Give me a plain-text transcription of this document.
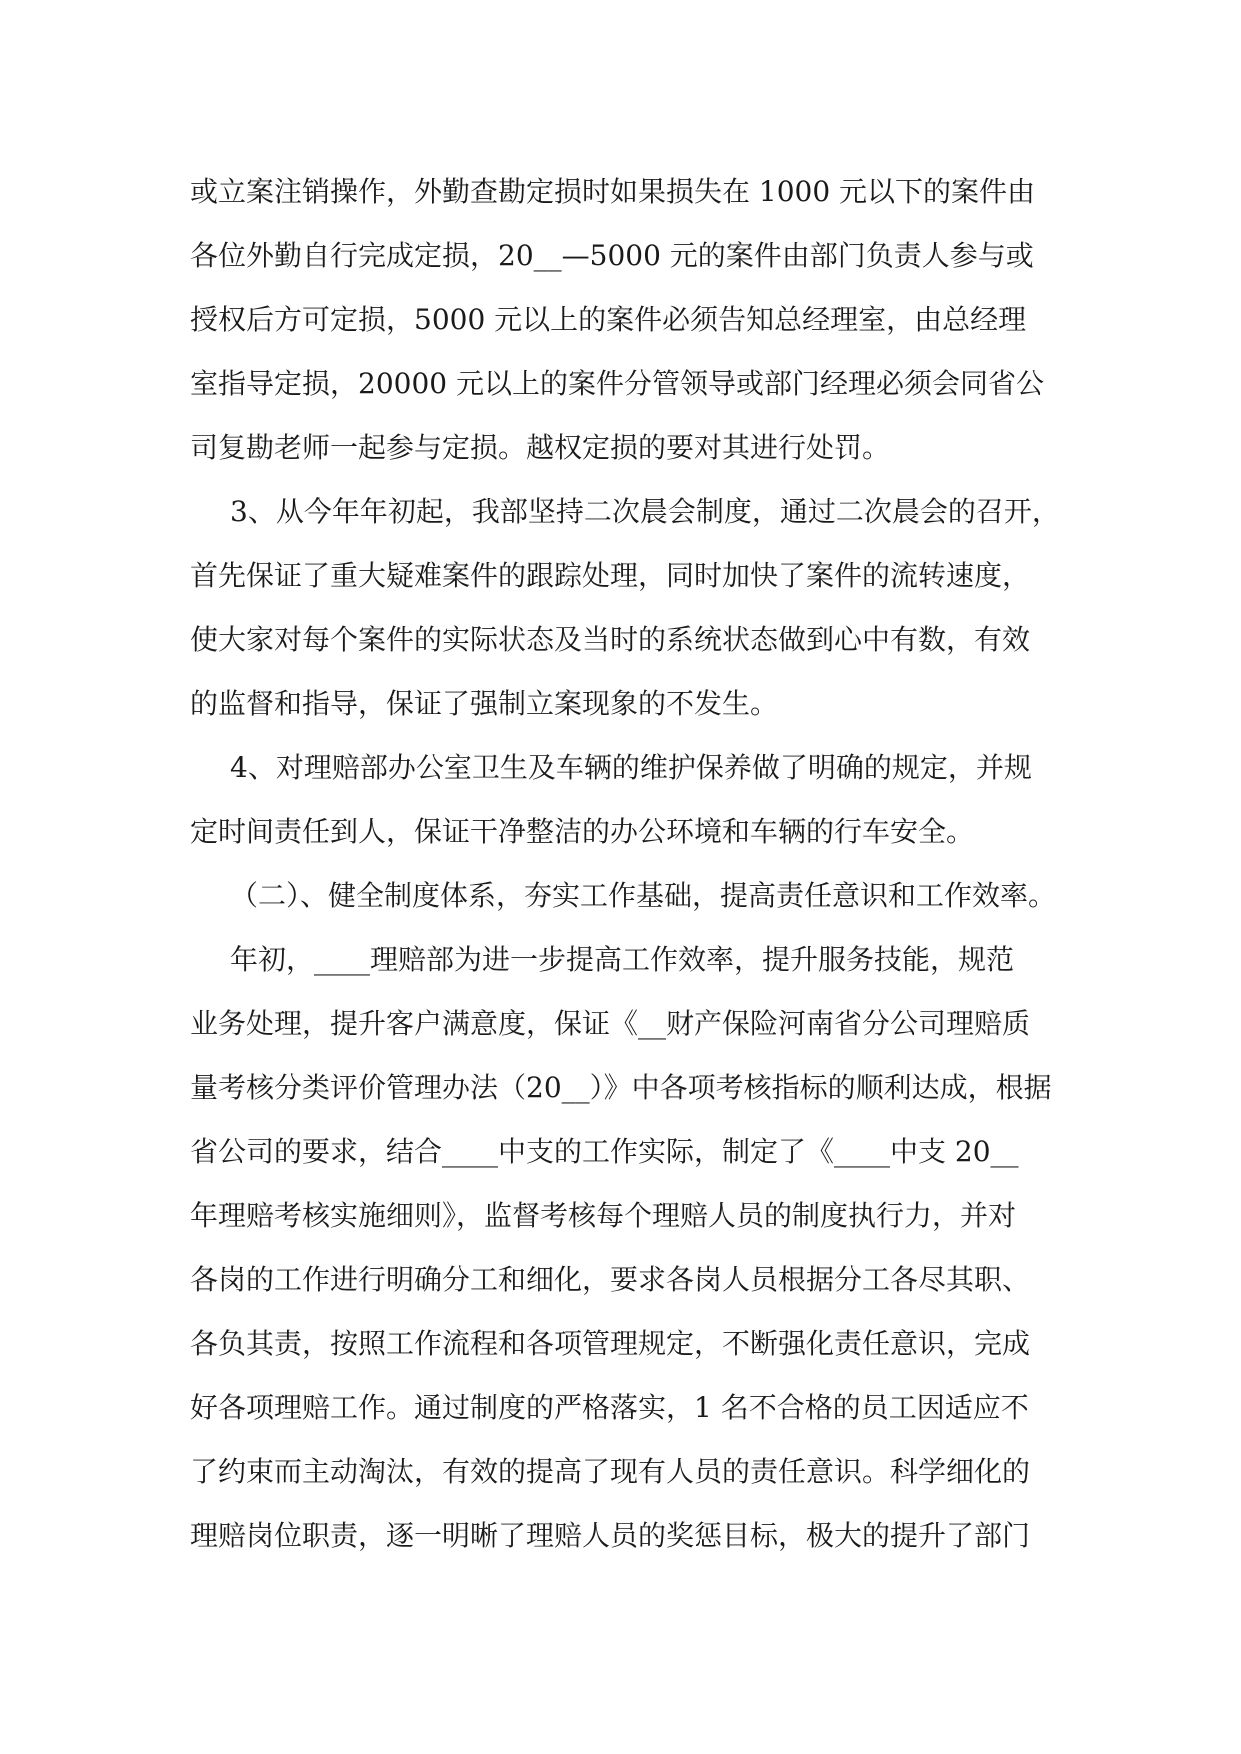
或立案注销操作，外勤查勘定损时如果损失在 1000 元以下的案件由
各位外勤自行完成定损，20__—5000 元的案件由部门负责人参与或
授权后方可定损，5000 元以上的案件必须告知总经理室，由总经理
室指导定损，20000 元以上的案件分管领导或部门经理必须会同省公
司复勘老师一起参与定损。越权定损的要对其进行处罚。
3、从今年年初起，我部坚持二次晨会制度，通过二次晨会的召开，
首先保证了重大疑难案件的跟踪处理，同时加快了案件的流转速度，
使大家对每个案件的实际状态及当时的系统状态做到心中有数，有效
的监督和指导，保证了强制立案现象的不发生。
4、对理赔部办公室卫生及车辆的维护保养做了明确的规定，并规
定时间责任到人，保证干净整洁的办公环境和车辆的行车安全。
（二）、健全制度体系，夯实工作基础，提高责任意识和工作效率。
年初，____理赔部为进一步提高工作效率，提升服务技能，规范
业务处理，提升客户满意度，保证《__财产保险河南省分公司理赔质
量考核分类评价管理办法（20__）》中各项考核指标的顺利达成，根据
省公司的要求，结合____中支的工作实际，制定了《____中支 20__
年理赔考核实施细则》，监督考核每个理赔人员的制度执行力，并对
各岗的工作进行明确分工和细化，要求各岗人员根据分工各尽其职、
各负其责，按照工作流程和各项管理规定，不断强化责任意识，完成
好各项理赔工作。通过制度的严格落实，1 名不合格的员工因适应不
了约束而主动淘汰，有效的提高了现有人员的责任意识。科学细化的
理赔岗位职责，逐一明晰了理赔人员的奖惩目标，极大的提升了部门
